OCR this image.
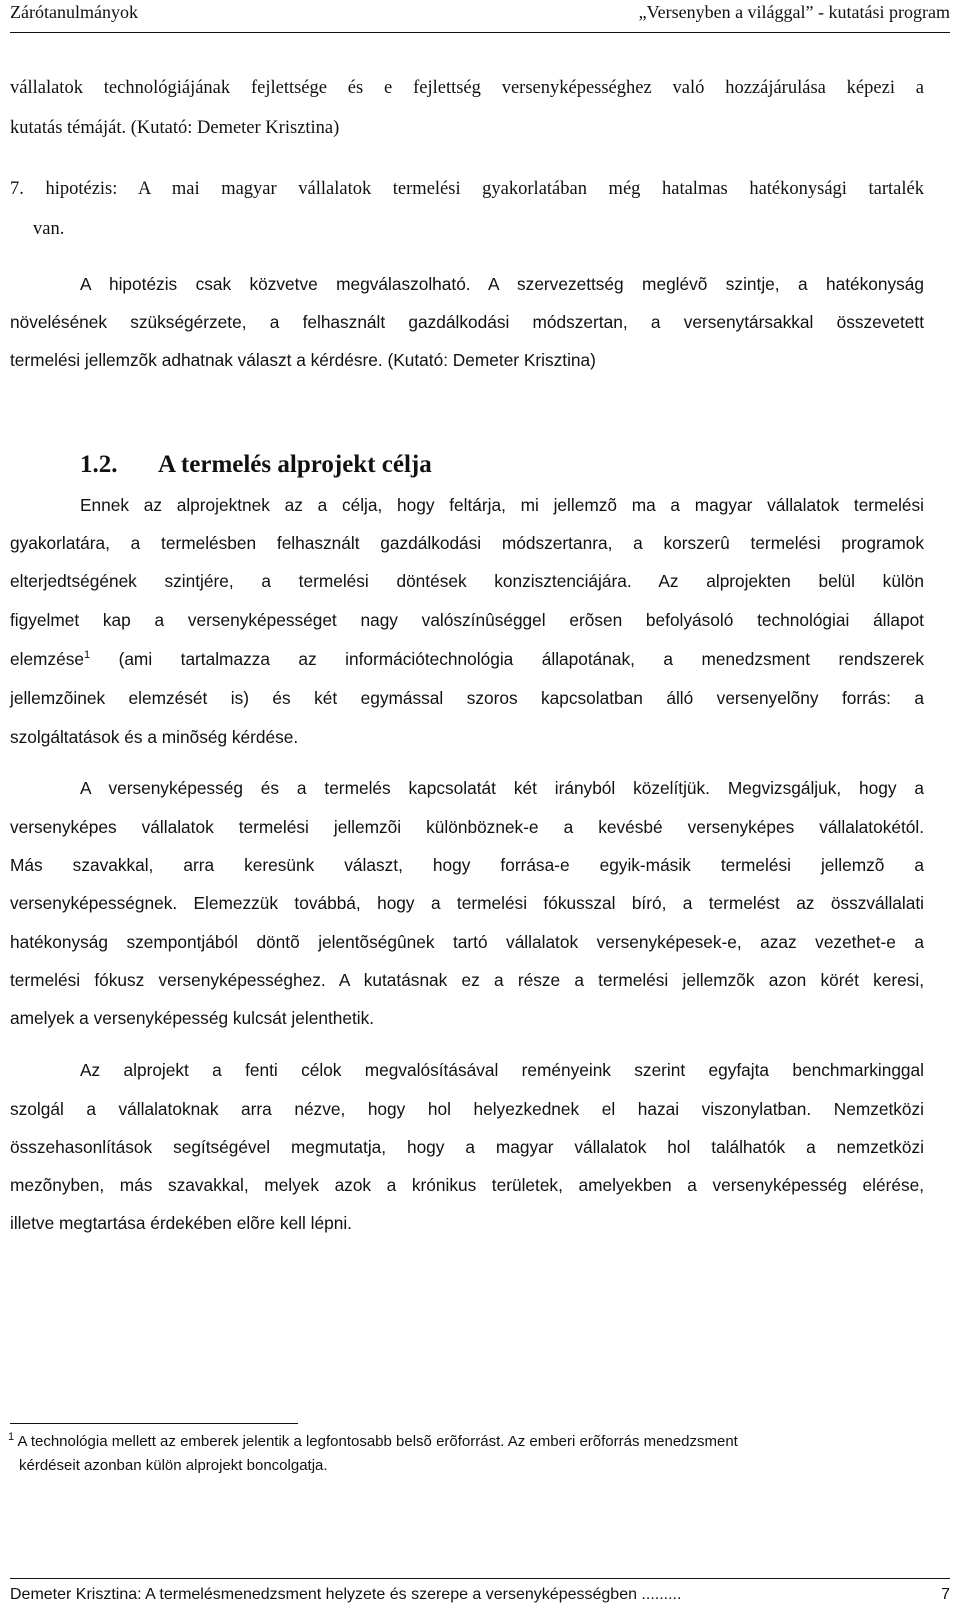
Zárótanulmányok	„Versenyben a világgal” - kutatási program
vállalatok technológiájának fejlettsége és e fejlettség versenyképességhez való hozzájárulása képezi a
kutatás témáját. (Kutató: Demeter Krisztina)
7. hipotézis: A mai magyar vállalatok termelési gyakorlatában még hatalmas hatékonysági tartalék
van.
A hipotézis csak közvetve megválaszolható. A szervezettség meglévõ szintje, a hatékonyság
növelésének szükségérzete, a felhasznált gazdálkodási módszertan, a versenytársakkal összevetett
termelési jellemzõk adhatnak választ a kérdésre. (Kutató: Demeter Krisztina)
1.2. A termelés alprojekt célja
Ennek az alprojektnek az a célja, hogy feltárja, mi jellemzõ ma a magyar vállalatok termelési
gyakorlatára, a termelésben felhasznált gazdálkodási módszertanra, a korszerû termelési programok
elterjedtségének szintjére, a termelési döntések konzisztenciájára. Az alprojekten belül külön
figyelmet kap a versenyképességet nagy valószínûséggel erõsen befolyásoló technológiai állapot
elemzése$^1$ (ami tartalmazza az információtechnológia állapotának, a menedzsment rendszerek
jellemzõinek elemzését is) és két egymással szoros kapcsolatban álló versenyelõny forrás: a
szolgáltatások és a minõség kérdése.
A versenyképesség és a termelés kapcsolatát két irányból közelítjük. Megvizsgáljuk, hogy a
versenyképes vállalatok termelési jellemzõi különböznek-e a kevésbé versenyképes vállalatokétól.
Más szavakkal, arra keresünk választ, hogy forrása-e egyik-másik termelési jellemzõ a
versenyképességnek. Elemezzük továbbá, hogy a termelési fókusszal bíró, a termelést az összvállalati
hatékonyság szempontjából döntõ jelentõségûnek tartó vállalatok versenyképesek-e, azaz vezethet-e a
termelési fókusz versenyképességhez. A kutatásnak ez a része a termelési jellemzõk azon körét keresi,
amelyek a versenyképesség kulcsát jelenthetik.
Az alprojekt a fenti célok megvalósításával reményeink szerint egyfajta benchmarkinggal
szolgál a vállalatoknak arra nézve, hogy hol helyezkednek el hazai viszonylatban. Nemzetközi
összehasonlítások segítségével megmutatja, hogy a magyar vállalatok hol találhatók a nemzetközi
mezõnyben, más szavakkal, melyek azok a krónikus területek, amelyekben a versenyképesség elérése,
illetve megtartása érdekében elõre kell lépni.
$^1$ A technológia mellett az emberek jelentik a legfontosabb belsõ erõforrást. Az emberi erõforrás menedzsment
kérdéseit azonban külön alprojekt boncolgatja.
Demeter Krisztina: A termelésmenedzsment helyzete és szerepe a versenyképességben .........	7
